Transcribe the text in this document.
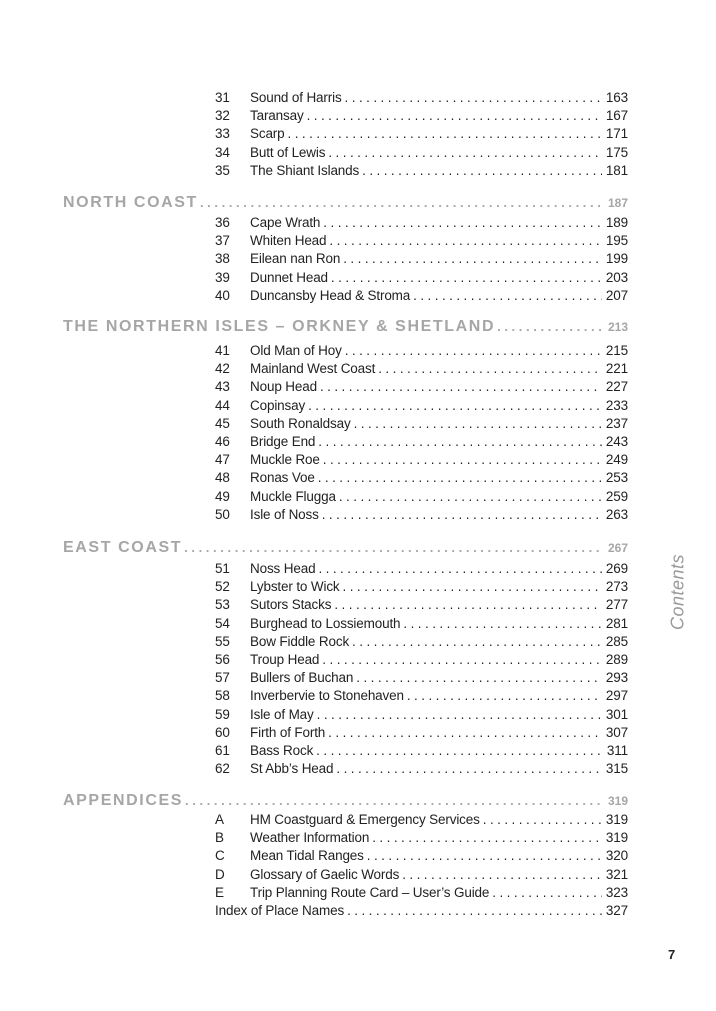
31	Sound of Harris . . .	163
32	Taransay . . .	167
33	Scarp . . .	171
34	Butt of Lewis . . .	175
35	The Shiant Islands . . .	181
NORTH COAST . . .	187
36	Cape Wrath . . .	189
37	Whiten Head . . .	195
38	Eilean nan Ron . . .	199
39	Dunnet Head . . .	203
40	Duncansby Head & Stroma . . .	207
THE NORTHERN ISLES – ORKNEY & SHETLAND . . .	213
41	Old Man of Hoy . . .	215
42	Mainland West Coast . . .	221
43	Noup Head . . .	227
44	Copinsay . . .	233
45	South Ronaldsay . . .	237
46	Bridge End . . .	243
47	Muckle Roe . . .	249
48	Ronas Voe . . .	253
49	Muckle Flugga . . .	259
50	Isle of Noss . . .	263
EAST COAST . . .	267
51	Noss Head . . .	269
52	Lybster to Wick . . .	273
53	Sutors Stacks . . .	277
54	Burghead to Lossiemouth . . .	281
55	Bow Fiddle Rock . . .	285
56	Troup Head . . .	289
57	Bullers of Buchan . . .	293
58	Inverbervie to Stonehaven . . .	297
59	Isle of May . . .	301
60	Firth of Forth . . .	307
61	Bass Rock . . .	311
62	St Abb’s Head . . .	315
APPENDICES . . .	319
A	HM Coastguard & Emergency Services . . .	319
B	Weather Information . . .	319
C	Mean Tidal Ranges . . .	320
D	Glossary of Gaelic Words . . .	321
E	Trip Planning Route Card – User’s Guide . . .	323
Index of Place Names . . .	327
Contents
7
